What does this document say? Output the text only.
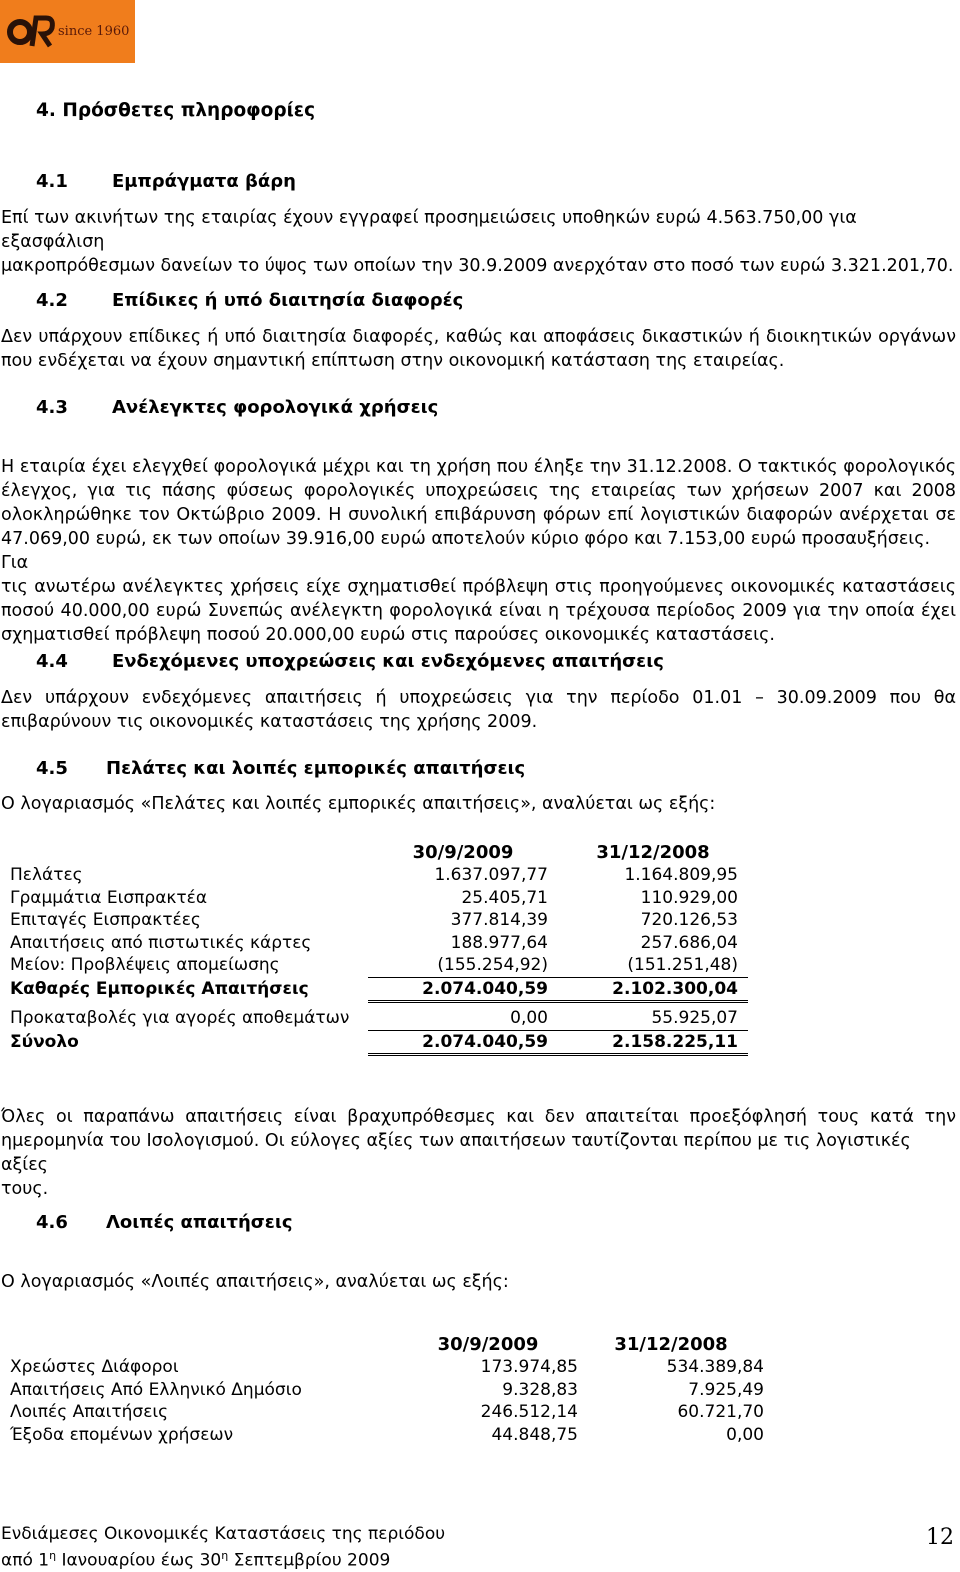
since 1960
4. Πρόσθετες πληροφορίες
4.1 Εμπράγματα βάρη
Επί των ακινήτων της εταιρίας έχουν εγγραφεί προσημειώσεις υποθηκών ευρώ 4.563.750,00 για εξασφάλιση
μακροπρόθεσμων δανείων το ύψος των οποίων την 30.9.2009 ανερχόταν στο ποσό των ευρώ 3.321.201,70.
4.2 Επίδικες ή υπό διαιτησία διαφορές
Δεν υπάρχουν επίδικες ή υπό διαιτησία διαφορές, καθώς και αποφάσεις δικαστικών ή διοικητικών οργάνων
που ενδέχεται να έχουν σημαντική επίπτωση στην οικονομική κατάσταση της εταιρείας.
4.3 Ανέλεγκτες φορολογικά χρήσεις
Η εταιρία έχει ελεγχθεί φορολογικά μέχρι και τη χρήση που έληξε την 31.12.2008. Ο τακτικός φορολογικός
έλεγχος, για τις πάσης φύσεως φορολογικές υποχρεώσεις της εταιρείας των χρήσεων 2007 και 2008
ολοκληρώθηκε τον Οκτώβριο 2009. Η συνολική επιβάρυνση φόρων επί λογιστικών διαφορών ανέρχεται σε
47.069,00 ευρώ, εκ των οποίων 39.916,00 ευρώ αποτελούν κύριο φόρο και 7.153,00 ευρώ προσαυξήσεις. Για
τις ανωτέρω ανέλεγκτες χρήσεις είχε σχηματισθεί πρόβλεψη στις προηγούμενες οικονομικές καταστάσεις
ποσού 40.000,00 ευρώ Συνεπώς ανέλεγκτη φορολογικά είναι η τρέχουσα περίοδος 2009 για την οποία έχει
σχηματισθεί πρόβλεψη ποσού 20.000,00 ευρώ στις παρούσες οικονομικές καταστάσεις.
4.4 Ενδεχόμενες υποχρεώσεις και ενδεχόμενες απαιτήσεις
Δεν υπάρχουν ενδεχόμενες απαιτήσεις ή υποχρεώσεις για την περίοδο 01.01 – 30.09.2009 που θα
επιβαρύνουν τις οικονομικές καταστάσεις της χρήσης 2009.
4.5 Πελάτες και λοιπές εμπορικές απαιτήσεις
Ο λογαριασμός «Πελάτες και λοιπές εμπορικές απαιτήσεις», αναλύεται ως εξής:
	30/9/2009		31/12/2008	
Πελάτες	1.637.097,77		1.164.809,95	
Γραμμάτια Εισπρακτέα	25.405,71		110.929,00	
Επιταγές Εισπρακτέες	377.814,39		720.126,53	
Απαιτήσεις από πιστωτικές κάρτες	188.977,64		257.686,04	
Μείον: Προβλέψεις απομείωσης	(155.254,92)		(151.251,48)	
Καθαρές Εμπορικές Απαιτήσεις	2.074.040,59		2.102.300,04	
Προκαταβολές για αγορές αποθεμάτων	0,00		55.925,07	
Σύνολο	2.074.040,59		2.158.225,11	
Όλες οι παραπάνω απαιτήσεις είναι βραχυπρόθεσμες και δεν απαιτείται προεξόφλησή τους κατά την
ημερομηνία του Ισολογισμού. Οι εύλογες αξίες των απαιτήσεων ταυτίζονται περίπου με τις λογιστικές αξίες
τους.
4.6 Λοιπές απαιτήσεις
Ο λογαριασμός «Λοιπές απαιτήσεις», αναλύεται ως εξής:
	30/9/2009	31/12/2008
Χρεώστες Διάφοροι	173.974,85	534.389,84
Απαιτήσεις Από Ελληνικό Δημόσιο	9.328,83	7.925,49
Λοιπές Απαιτήσεις	246.512,14	60.721,70
Έξοδα επομένων χρήσεων	44.848,75	0,00
Ενδιάμεσες Οικονομικές Καταστάσεις της περιόδου
από $1^\eta$ Ιανουαρίου έως $30^\eta$ Σεπτεμβρίου 2009
12
